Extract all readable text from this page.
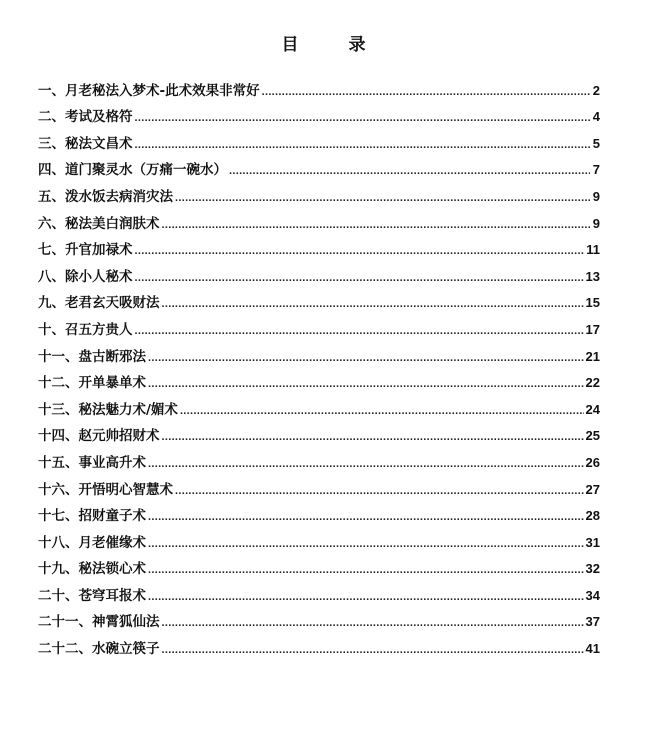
目 录
一、月老秘法入梦术-此术效果非常好 .....	2
二、考试及格符 .....	4
三、秘法文昌术 .....	5
四、道门聚灵水（万痛一碗水） .....	7
五、泼水饭去病消灾法 .....	9
六、秘法美白润肤术 .....	9
七、升官加禄术 .....	11
八、除小人秘术 .....	13
九、老君玄天吸财法 .....	15
十、召五方贵人 .....	17
十一、盘古断邪法 .....	21
十二、开单暴单术 .....	22
十三、秘法魅力术/媚术 .....	24
十四、赵元帅招财术 .....	25
十五、事业高升术 .....	26
十六、开悟明心智慧术 .....	27
十七、招财童子术 .....	28
十八、月老催缘术 .....	31
十九、秘法锁心术 .....	32
二十、苍穹耳报术 .....	34
二十一、神霄狐仙法 .....	37
二十二、水碗立筷子 .....	41
